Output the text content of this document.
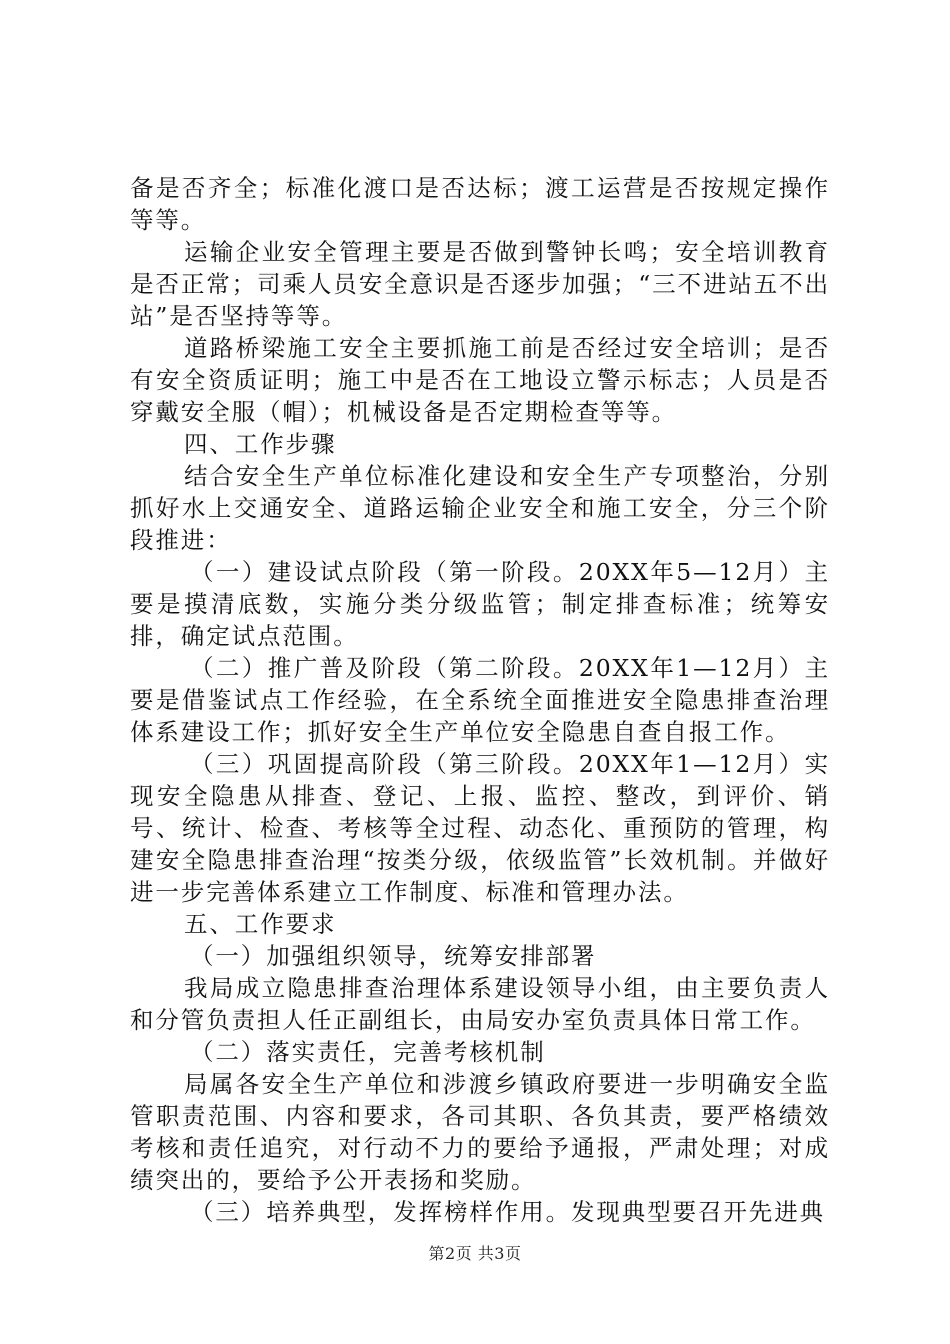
备是否齐全；标准化渡口是否达标；渡工运营是否按规定操作等等。

运输企业安全管理主要是否做到警钟长鸣；安全培训教育是否正常；司乘人员安全意识是否逐步加强；“三不进站五不出站”是否坚持等等。

道路桥梁施工安全主要抓施工前是否经过安全培训；是否有安全资质证明；施工中是否在工地设立警示标志；人员是否穿戴安全服（帽）；机械设备是否定期检查等等。

四、工作步骤

结合安全生产单位标准化建设和安全生产专项整治，分别抓好水上交通安全、道路运输企业安全和施工安全，分三个阶段推进：

（一）建设试点阶段（第一阶段。20XX年5—12月）主要是摸清底数，实施分类分级监管；制定排查标准；统筹安排，确定试点范围。

（二）推广普及阶段（第二阶段。20XX年1—12月）主要是借鉴试点工作经验，在全系统全面推进安全隐患排查治理体系建设工作；抓好安全生产单位安全隐患自查自报工作。

（三）巩固提高阶段（第三阶段。20XX年1—12月）实现安全隐患从排查、登记、上报、监控、整改，到评价、销号、统计、检查、考核等全过程、动态化、重预防的管理，构建安全隐患排查治理“按类分级，依级监管”长效机制。并做好进一步完善体系建立工作制度、标准和管理办法。

五、工作要求

（一）加强组织领导，统筹安排部署

我局成立隐患排查治理体系建设领导小组，由主要负责人和分管负责担人任正副组长，由局安办室负责具体日常工作。

（二）落实责任，完善考核机制

局属各安全生产单位和涉渡乡镇政府要进一步明确安全监管职责范围、内容和要求，各司其职、各负其责，要严格绩效考核和责任追究，对行动不力的要给予通报，严肃处理；对成绩突出的，要给予公开表扬和奖励。

（三）培养典型，发挥榜样作用。发现典型要召开先进典

第2页 共3页
